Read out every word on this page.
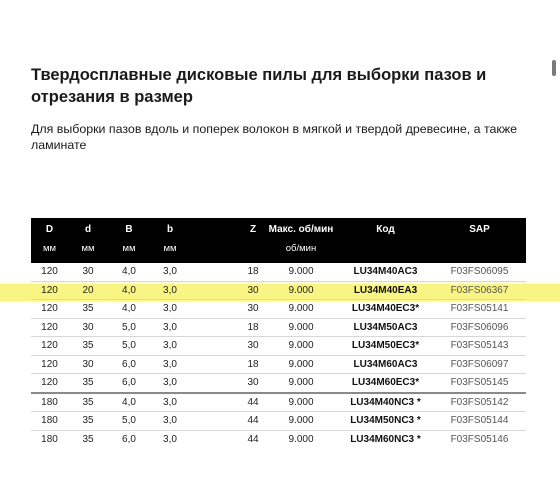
Твердосплавные дисковые пилы для выборки пазов и отрезания в размер

Для выборки пазов вдоль и поперек волокон в мягкой и твердой древесине, а также ламинате

D	d	B	b		Z	Макс. об/мин	Код	SAP
мм	мм	мм	мм			об/мин		
120	30	4,0	3,0		18	9.000	LU34M40AC3	F03FS06095
120	20	4,0	3,0		30	9.000	LU34M40EA3	F03FS06367
120	35	4,0	3,0		30	9.000	LU34M40EC3*	F03FS05141
120	30	5,0	3,0		18	9.000	LU34M50AC3	F03FS06096
120	35	5,0	3,0		30	9.000	LU34M50EC3*	F03FS05143
120	30	6,0	3,0		18	9.000	LU34M60AC3	F03FS06097
120	35	6,0	3,0		30	9.000	LU34M60EC3*	F03FS05145
180	35	4,0	3,0		44	9.000	LU34M40NC3 *	F03FS05142
180	35	5,0	3,0		44	9.000	LU34M50NC3 *	F03FS05144
180	35	6,0	3,0		44	9.000	LU34M60NC3 *	F03FS05146
